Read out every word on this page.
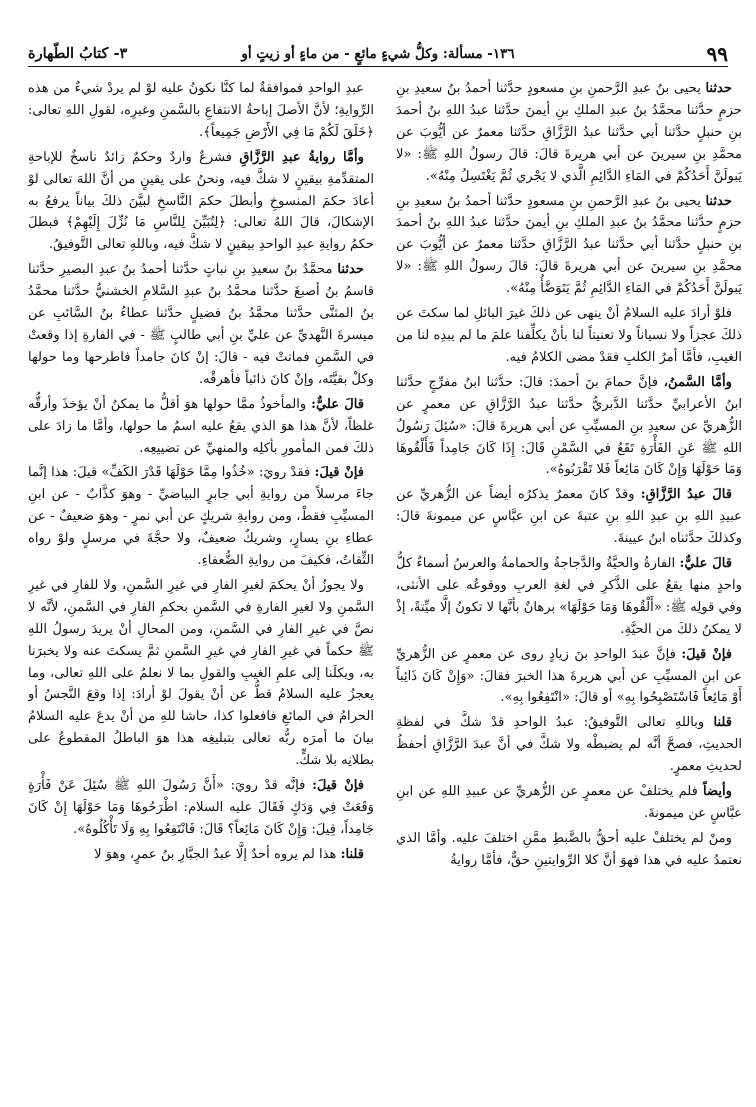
٩٩
١٣٦- مسألة: وكلُّ شيءٍ مائعٍ - من ماءٍ أو زيتٍ أو
٣- كتابُ الطّهارة

حدثنا يحيى بنُ عبدِ الرَّحمنِ بنِ مسعودٍ حدَّثنا أحمدُ بنُ سعيدِ بنِ حزمٍ حدَّثنا محمَّدُ بنُ عبدِ الملكِ بنِ أيمنَ حدَّثنا عبدُ اللهِ بنُ أحمدَ بنِ حنبلٍ حدَّثنا أبي حدَّثنا عبدُ الرَّزَّاقِ حدَّثنا معمرٌ عن أيُّوبَ عن محمَّدِ بنِ سيرينَ عن أبي هريرةَ قالَ: قالَ رسولُ اللهِ ﷺ: «لا يَبولَنَّ أَحَدُكُمْ في المَاءِ الدَّائِمِ الَّذي لا يَجْري ثُمَّ يَغْتَسِلُ مِنْهُ».

حدثنا يحيى بنُ عبدِ الرَّحمنِ بنِ مسعودٍ حدَّثنا أحمدُ بنُ سعيدِ بنِ حزمٍ حدَّثنا محمَّدُ بنُ عبدِ الملكِ بنِ أيمنَ حدَّثنا عبدُ اللهِ بنُ أحمدَ بنِ حنبلٍ حدَّثنا أبي حدَّثنا عبدُ الرَّزَّاقِ حدَّثنا معمرٌ عن أيُّوبَ عن محمَّدِ بنِ سيرينَ عن أبي هريرةَ قالَ: قالَ رسولُ اللهِ ﷺ: «لا يَبولَنَّ أَحَدُكُمْ في المَاءِ الدَّائِمِ ثُمَّ يَتَوَضَّأُ مِنْهُ».

فلوْ أرادَ عليه السلامُ أنْ ينهى عن ذلكَ غيرَ البائلِ لما سكتَ عن ذلكَ عجزاً ولا نسياناً ولا تعنيتاً لنا بأنْ يكلِّفنا علمَ ما لم يبدِه لنا من الغيبِ، فأمَّا أمرُ الكلبِ فقدْ مضى الكلامُ فيه.

وأمَّا السَّمنُ، فإنَّ حمامَ بنَ أحمدَ: قالَ: حدَّثنا ابنُ مفرِّجٍ حدَّثنا ابنُ الأعرابيِّ حدَّثنا الدَّبريُّ حدَّثنا عبدُ الرَّزَّاقِ عن معمرٍ عن الزُّهريِّ عن سعيدِ بنِ المسيِّبِ عن أبي هريرةَ قالَ: «سُئِلَ رَسُولُ اللهِ ﷺ عَنِ الفَأْرَةِ تَقَعُ في السَّمْنِ قَالَ: إِذَا كَانَ جَامِداً فَأَلْقُوهَا وَمَا حَوْلَهَا وَإِنْ كَانَ مَائِعاً فَلا تَقْرَبُوهُ».

قالَ عبدُ الرَّزَّاقِ: وقدْ كانَ معمرٌ يذكرُه أيضاً عن الزُّهريِّ عن عبيدِ اللهِ بنِ عبدِ اللهِ بنِ عتبةَ عن ابنِ عبَّاسٍ عن ميمونةَ قالَ: وكذلكَ حدَّثناه ابنُ عيينةَ.

قالَ عليٌّ: الفارةُ والحيَّةُ والدَّجاجةُ والحمامةُ والعرسُ أسماءٌ كلُّ واحدٍ منها يقعُ على الذَّكرِ في لغةِ العربِ ووقوعُه على الأنثى، وفي قولِه ﷺ: «أَلْقُوهَا وَمَا حَوْلَهَا» برهانٌ بأنَّها لا تكونُ إلَّا ميِّتةً، إذْ لا يمكنُ ذلكَ من الحيَّةِ.

فإنْ قيلَ: فإنَّ عبدَ الواحدِ بنَ زيادٍ روى عن معمرٍ عن الزُّهريِّ عن ابنِ المسيِّبِ عن أبي هريرةَ هذا الخبرَ فقالَ: «وَإِنْ كَانَ ذَائِباً أَوْ مَائِعاً فَاسْتَصْبِحُوا بِهِ» أو قالَ: «انْتَفِعُوا بِهِ».

قلنا وباللهِ تعالى التَّوفيقُ: عبدُ الواحدِ قدْ شكَّ في لفظةِ الحديثِ، فصحَّ أنَّه لم يضبطْه ولا شكَّ في أنَّ عبدَ الرَّزَّاقِ أحفظُ لحديثِ معمرٍ.

وأيضاً فلم يختلفْ عن معمرٍ عن الزُّهريِّ عن عبيدِ اللهِ عن ابنِ عبَّاسٍ عن ميمونةَ.

ومنْ لم يختلفْ عليه أحقُّ بالضَّبطِ ممَّنِ اختلفَ عليه. وأمَّا الذي نعتمدُ عليه في هذا فهوَ أنَّ كلا الرِّوايتينِ حقٌّ، فأمَّا روايةُ

عبدِ الواحدِ فموافقةٌ لما كنَّا نكونُ عليه لوْ لم يردْ شيءٌ من هذه الرِّوايةِ؛ لأنَّ الأصلَ إباحةُ الانتفاعِ بالسَّمنِ وغيرِه، لقولِ اللهِ تعالى: ﴿خَلَقَ لَكُمْ مَا فِي الأَرْضِ جَمِيعاً﴾.

وأمَّا روايةُ عبدِ الرَّزَّاقِ فشرعٌ واردٌ وحكمٌ زائدٌ ناسخٌ للإباحةِ المتقدِّمةِ بيقينٍ لا شكَّ فيه، ونحنُ على يقينٍ من أنَّ اللهَ تعالى لوْ أعادَ حكمَ المنسوخِ وأبطلَ حكمَ النَّاسخِ لبيَّنَ ذلكَ بياناً يرفعُ به الإشكالَ، قالَ اللهُ تعالى: ﴿لِتُبَيِّنَ لِلنَّاسِ مَا نُزِّلَ إِلَيْهِمْ﴾ فبطلَ حكمُ روايةِ عبدِ الواحدِ بيقينٍ لا شكَّ فيه، وباللهِ تعالى التَّوفيقُ.

حدثنا محمَّدُ بنُ سعيدِ بنِ نباتٍ حدَّثنا أحمدُ بنُ عبدِ البصيرِ حدَّثنا قاسمُ بنُ أصبغَ حدَّثنا محمَّدُ بنُ عبدِ السَّلامِ الخشنيُّ حدَّثنا محمَّدُ بنُ المثنَّى حدَّثنا محمَّدُ بنُ فضيلٍ حدَّثنا عطاءُ بنُ السَّائبِ عن ميسرةَ النَّهديِّ عن عليِّ بنِ أبي طالبٍ ﷺ - في الفارةِ إذا وقعتْ في السَّمنِ فماتتْ فيه - قالَ: إنْ كانَ جامداً فاطرحها وما حولها وكلْ بقيَّتَه، وإنْ كانَ ذائباً فأهرقْه.

قالَ عليٌّ: والمأخوذُ ممَّا حولها هوَ أقلُّ ما يمكنُ أنْ يؤخذَ وأرقُّه غلظاً، لأنَّ هذا هوَ الذي يقعُ عليه اسمُ ما حولها، وأمَّا ما زادَ على ذلكَ فمن المأمورِ بأكلِه والمنهيِّ عن تضييعِه.

فإنْ قيلَ: فقدْ رويَ: «خُذُوا مِمَّا حَوْلَهَا قَدْرَ الكَفِّ» قيلَ: هذا إنَّما جاءَ مرسلاً من روايةِ أبي جابرٍ البياضيِّ - وهوَ كذَّابٌ - عن ابنِ المسيِّبِ فقطْ، ومن روايةِ شريكٍ عن أبي نمرٍ - وهوَ ضعيفٌ - عن عطاءِ بنِ يسارٍ، وشريكٌ ضعيفٌ، ولا حجَّةَ في مرسلٍ ولوْ رواه الثِّقاتُ، فكيفَ من روايةِ الضُّعفاءِ.

ولا يجوزُ أنْ يحكمَ لغيرِ الفارِ في غيرِ السَّمنِ، ولا للفارِ في غيرِ السَّمنِ ولا لغيرِ الفارةِ في السَّمنِ بحكمِ الفارِ في السَّمنِ، لأنَّه لا نصَّ في غيرِ الفارِ في السَّمنِ، ومن المحالِ أنْ يريدَ رسولُ اللهِ ﷺ حكماً في غيرِ الفارِ في غيرِ السَّمنِ ثمَّ يسكتَ عنه ولا يخبرَنا به، ويكلَنا إلى علمِ الغيبِ والقولِ بما لا نعلمُ على اللهِ تعالى، وما يعجزُ عليه السلامُ قطُّ عن أنْ يقولَ لوْ أرادَ: إذا وقعَ النَّجسُ أو الحرامُ في المائعِ فافعلوا كذا، حاشا للهِ من أنْ يدعَ عليه السلامُ بيانَ ما أمرَه ربُّه تعالى بتبليغِه هذا هوَ الباطلُ المقطوعُ على بطلانِه بلا شكٍّ.

فإنْ قيلَ: فإنَّه قدْ رويَ: «أَنَّ رَسُولَ اللهِ ﷺ سُئِلَ عَنْ فَأْرَةٍ وَقَعَتْ فِي وَدَكٍ فَقَالَ عليه السلام: اطْرَحُوهَا وَمَا حَوْلَهَا إِنْ كَانَ جَامِداً، قِيلَ: وَإِنْ كَانَ مَائِعاً؟ قَالَ: فَانْتَفِعُوا بِهِ وَلَا تَأْكُلُوهُ».

قلنا: هذا لم يروه أحدٌ إلَّا عبدُ الجبَّارِ بنُ عمرٍ، وهوَ لا
